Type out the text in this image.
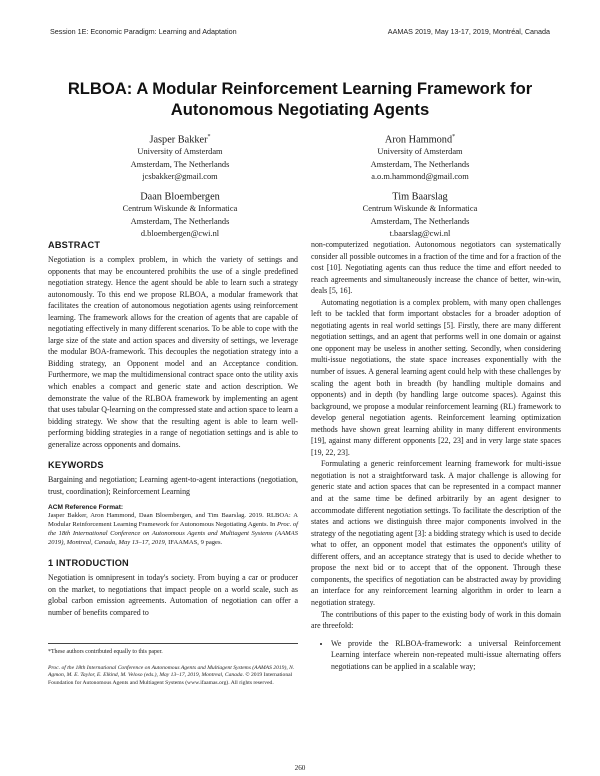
Session 1E: Economic Paradigm: Learning and Adaptation	AAMAS 2019, May 13-17, 2019, Montréal, Canada
RLBOA: A Modular Reinforcement Learning Framework for Autonomous Negotiating Agents
Jasper Bakker*
University of Amsterdam
Amsterdam, The Netherlands
jcsbakker@gmail.com
Aron Hammond*
University of Amsterdam
Amsterdam, The Netherlands
a.o.m.hammond@gmail.com
Daan Bloembergen
Centrum Wiskunde & Informatica
Amsterdam, The Netherlands
d.bloembergen@cwi.nl
Tim Baarslag
Centrum Wiskunde & Informatica
Amsterdam, The Netherlands
t.baarslag@cwi.nl
ABSTRACT

Negotiation is a complex problem, in which the variety of settings and opponents that may be encountered prohibits the use of a single predefined negotiation strategy. Hence the agent should be able to learn such a strategy autonomously. To this end we propose RLBOA, a modular framework that facilitates the creation of autonomous negotiation agents using reinforcement learning. The framework allows for the creation of agents that are capable of negotiating effectively in many different scenarios. To be able to cope with the large size of the state and action spaces and diversity of settings, we leverage the modular BOA-framework. This decouples the negotiation strategy into a Bidding strategy, an Opponent model and an Acceptance condition. Furthermore, we map the multidimensional contract space onto the utility axis which enables a compact and generic state and action description. We demonstrate the value of the RLBOA framework by implementing an agent that uses tabular Q-learning on the compressed state and action space to learn a bidding strategy. We show that the resulting agent is able to learn well-performing bidding strategies in a range of negotiation settings and is able to generalize across opponents and domains.

KEYWORDS

Bargaining and negotiation; Learning agent-to-agent interactions (negotiation, trust, coordination); Reinforcement Learning

ACM Reference Format:

Jasper Bakker, Aron Hammond, Daan Bloembergen, and Tim Baarslag. 2019. RLBOA: A Modular Reinforcement Learning Framework for Autonomous Negotiating Agents. In Proc. of the 18th International Conference on Autonomous Agents and Multiagent Systems (AAMAS 2019), Montreal, Canada, May 13–17, 2019, IFAAMAS, 9 pages.

1 INTRODUCTION

Negotiation is omnipresent in today's society. From buying a car or producer on the market, to negotiations that impact people on a world scale, such as global carbon emission agreements. Automation of negotiation can offer a number of benefits compared to

*These authors contributed equally to this paper.
Proc. of the 18th International Conference on Autonomous Agents and Multiagent Systems (AAMAS 2019), N. Agmon, M. E. Taylor, E. Elkind, M. Veloso (eds.), May 13–17, 2019, Montreal, Canada. © 2019 International Foundation for Autonomous Agents and Multiagent Systems (www.ifaamas.org). All rights reserved.

non-computerized negotiation. Autonomous negotiators can systematically consider all possible outcomes in a fraction of the time and for a fraction of the cost [10]. Negotiating agents can thus reduce the time and effort needed to reach agreements and simultaneously increase the chance of better, win-win, deals [5, 16].

Automating negotiation is a complex problem, with many open challenges left to be tackled that form important obstacles for a broader adoption of negotiating agents in real world settings [5]. Firstly, there are many different negotiation settings, and an agent that performs well in one domain or against one opponent may be useless in another setting. Secondly, when considering multi-issue negotiations, the state space increases exponentially with the number of issues. A general learning agent could help with these challenges by scaling the agent both in breadth (by handling multiple domains and opponents) and in depth (by handling large outcome spaces). Against this background, we propose a modular reinforcement learning (RL) framework to develop general negotiation agents. Reinforcement learning optimization methods have shown great learning ability in many different environments [19], against many different opponents [22, 23] and in very large state spaces [19, 22, 23].

Formulating a generic reinforcement learning framework for multi-issue negotiation is not a straightforward task. A major challenge is allowing for generic state and action spaces that can be represented in a compact manner and at the same time be defined arbitrarily by an agent designer to accommodate different negotiation settings. To facilitate the description of the states and actions we distinguish three major components involved in the strategy of the negotiating agent [3]: a bidding strategy which is used to decide what to offer, an opponent model that estimates the opponent's utility of different offers, and an acceptance strategy that is used to decide whether to propose the next bid or to accept that of the opponent. Through these components, the specifics of negotiation can be abstracted away by providing an interface for any reinforcement learning algorithm in order to learn a negotiation strategy.

The contributions of this paper to the existing body of work in this domain are threefold:

• We provide the RLBOA-framework: a universal Reinforcement Learning interface wherein non-repeated multi-issue alternating offers negotiations can be applied in a scalable way;
260
